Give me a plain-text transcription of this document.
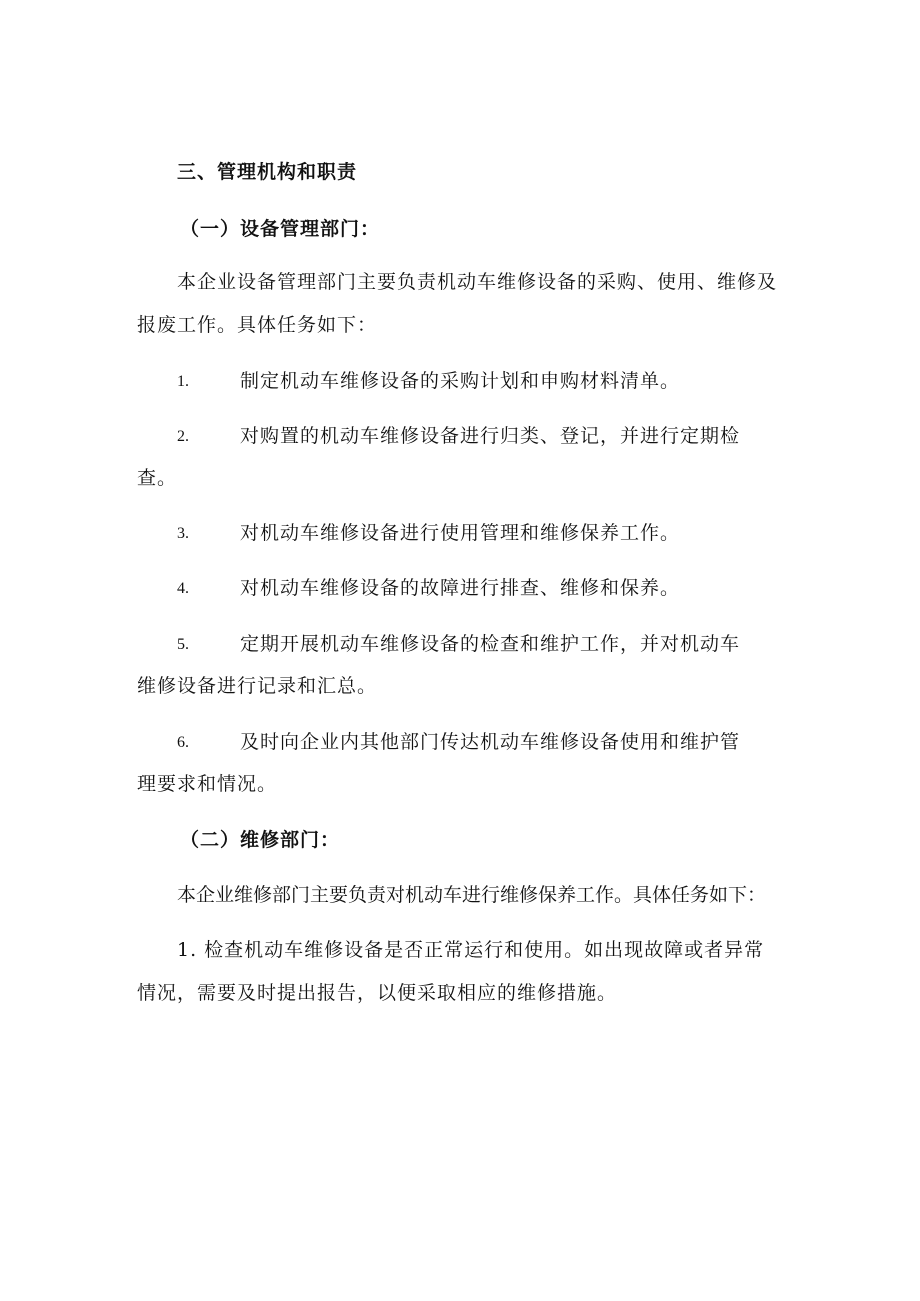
三、管理机构和职责
（一）设备管理部门：
本企业设备管理部门主要负责机动车维修设备的采购、使用、维修及
报废工作。具体任务如下：
1.	制定机动车维修设备的采购计划和申购材料清单。
2.	对购置的机动车维修设备进行归类、登记，并进行定期检
查。
3.	对机动车维修设备进行使用管理和维修保养工作。
4.	对机动车维修设备的故障进行排查、维修和保养。
5.	定期开展机动车维修设备的检查和维护工作，并对机动车
维修设备进行记录和汇总。
6.	及时向企业内其他部门传达机动车维修设备使用和维护管
理要求和情况。
（二）维修部门：
本企业维修部门主要负责对机动车进行维修保养工作。具体任务如下：
1. 检查机动车维修设备是否正常运行和使用。如出现故障或者异常
情况，需要及时提出报告，以便采取相应的维修措施。
